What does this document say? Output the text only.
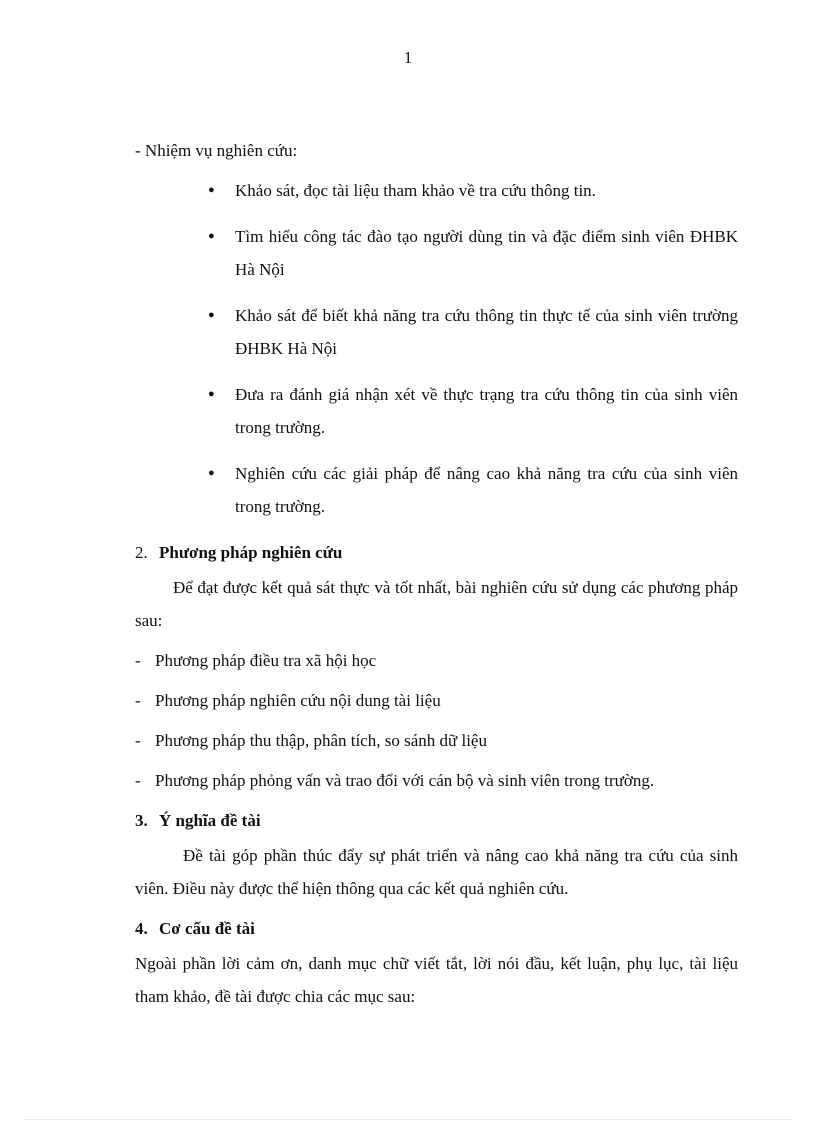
1

- Nhiệm vụ nghiên cứu:

● Khảo sát, đọc tài liệu tham khảo về tra cứu thông tin.
● Tìm hiểu công tác đào tạo người dùng tin và đặc điểm sinh viên ĐHBK Hà Nội
● Khảo sát để biết khả năng tra cứu thông tin thực tế của sinh viên trường ĐHBK Hà Nội
● Đưa ra đánh giá nhận xét về thực trạng tra cứu thông tin của sinh viên trong trường.
● Nghiên cứu các giải pháp để nâng cao khả năng tra cứu của sinh viên trong trường.

2. Phương pháp nghiên cứu

Để đạt được kết quả sát thực và tốt nhất, bài nghiên cứu sử dụng các phương pháp sau:

- Phương pháp điều tra xã hội học
- Phương pháp nghiên cứu nội dung tài liệu
- Phương pháp thu thập, phân tích, so sánh dữ liệu
- Phương pháp phỏng vấn và trao đổi với cán bộ và sinh viên trong trường.

3. Ý nghĩa đề tài

Đề tài góp phần thúc đẩy sự phát triển và nâng cao khả năng tra cứu của sinh viên. Điều này được thể hiện thông qua các kết quả nghiên cứu.

4. Cơ cấu đề tài

Ngoài phần lời cảm ơn, danh mục chữ viết tắt, lời nói đầu, kết luận, phụ lục, tài liệu tham khảo, đề tài được chia các mục sau:
